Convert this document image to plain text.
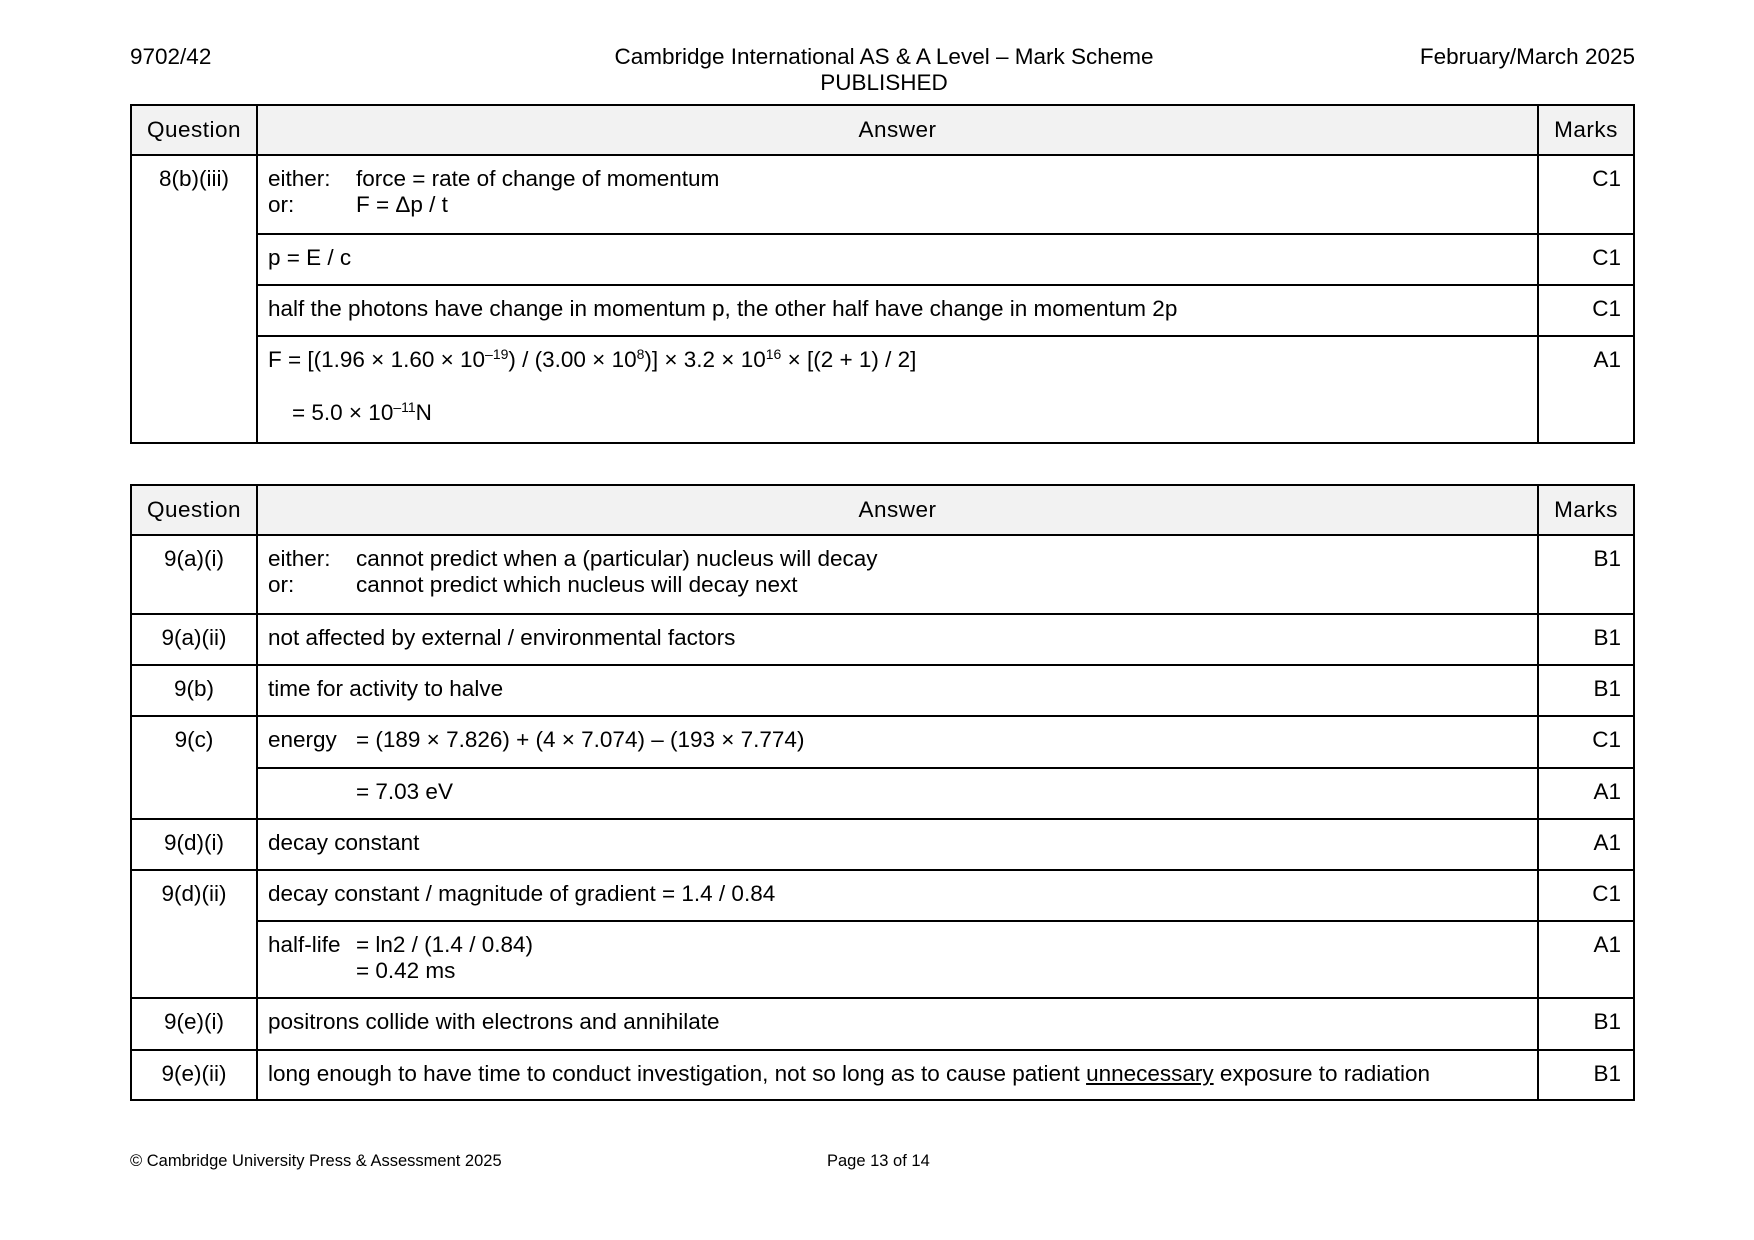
9702/42	Cambridge International AS & A Level – Mark Scheme
PUBLISHED
February/March 2025
Question	Answer	Marks
8(b)(iii)	either: force = rate of change of momentum
or: F = Δp / t	C1
	p = E / c	C1
	half the photons have change in momentum p, the other half have change in momentum 2p	C1

	$F = [(1.96 \times 1.60 \times 10^{-19}) / (3.00 \times 10^8)] \times 3.2 \times 10^{16} \times [(2 + 1) / 2]$
= $5.0 \times 10^{-11}N$	A1
Question	Answer	Marks
9(a)(i)	either: cannot predict when a (particular) nucleus will decay
or: cannot predict which nucleus will decay next	B1
9(a)(ii)	not affected by external / environmental factors	B1
9(b)	time for activity to halve	B1
9(c)	energy = (189 × 7.826) + (4 × 7.074) – (193 × 7.774)	C1

	= 7.03 eV	A1
9(d)(i)	decay constant	A1
9(d)(ii)	decay constant / magnitude of gradient = 1.4 / 0.84	C1

	half-life = ln2 / (1.4 / 0.84)
= 0.42 ms	A1
9(e)(i)	positrons collide with electrons and annihilate	B1
9(e)(ii)	long enough to have time to conduct investigation, not so long as to cause patient unnecessary exposure to radiation	B1
© Cambridge University Press & Assessment 2025	Page 13 of 14
